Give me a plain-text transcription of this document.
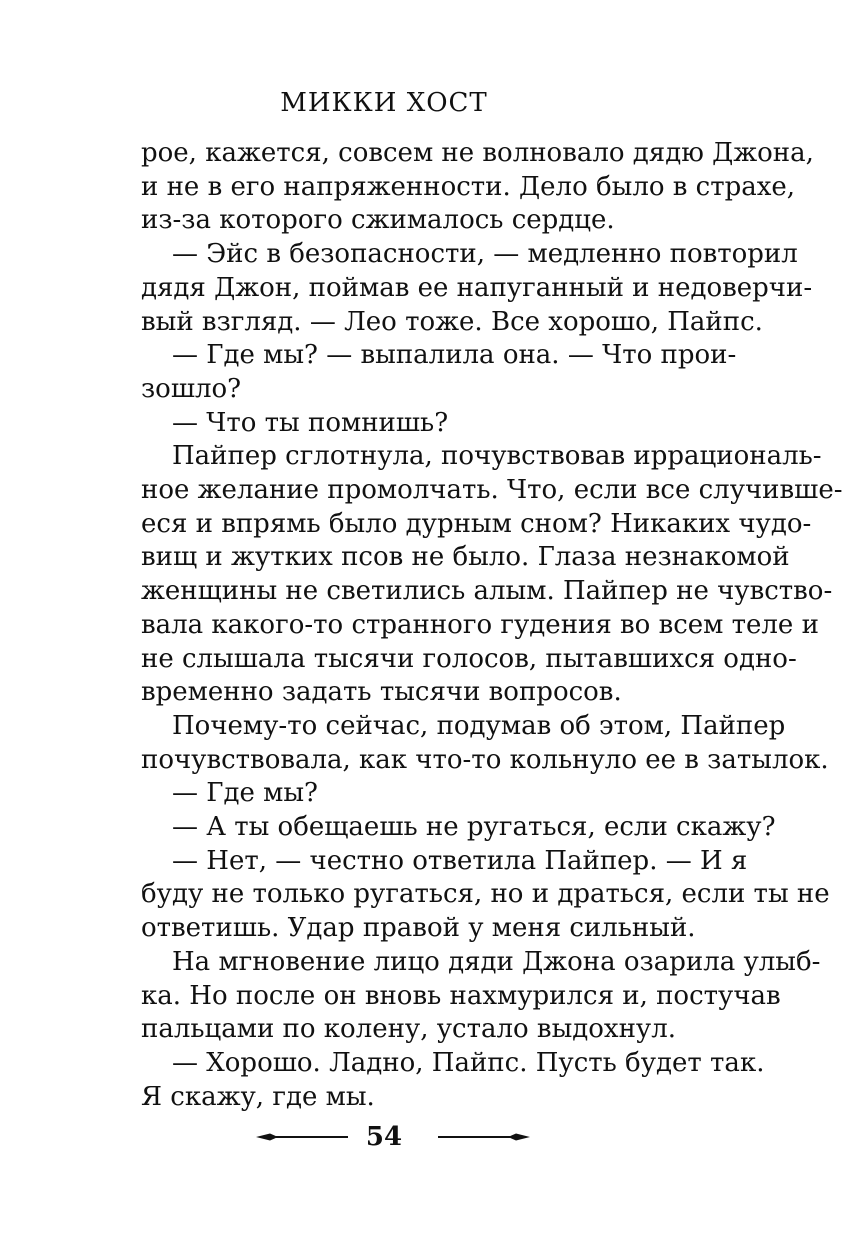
МИККИ ХОСТ
рое, кажется, совсем не волновало дядю Джона,
и не в его напряженности. Дело было в страхе,
из-за которого сжималось сердце.
— Эйс в безопасности, — медленно повторил
дядя Джон, поймав ее напуганный и недоверчи-
вый взгляд. — Лео тоже. Все хорошо, Пайпс.
— Где мы? — выпалила она. — Что прои-
зошло?
— Что ты помнишь?
Пайпер сглотнула, почувствовав иррациональ-
ное желание промолчать. Что, если все случивше-
еся и впрямь было дурным сном? Никаких чудо-
вищ и жутких псов не было. Глаза незнакомой
женщины не светились алым. Пайпер не чувство-
вала какого-то странного гудения во всем теле и
не слышала тысячи голосов, пытавшихся одно-
временно задать тысячи вопросов.
Почему-то сейчас, подумав об этом, Пайпер
почувствовала, как что-то кольнуло ее в затылок.
— Где мы?
— А ты обещаешь не ругаться, если скажу?
— Нет, — честно ответила Пайпер. — И я
буду не только ругаться, но и драться, если ты не
ответишь. Удар правой у меня сильный.
На мгновение лицо дяди Джона озарила улыб-
ка. Но после он вновь нахмурился и, постучав
пальцами по колену, устало выдохнул.
— Хорошо. Ладно, Пайпс. Пусть будет так.
Я скажу, где мы.
54
